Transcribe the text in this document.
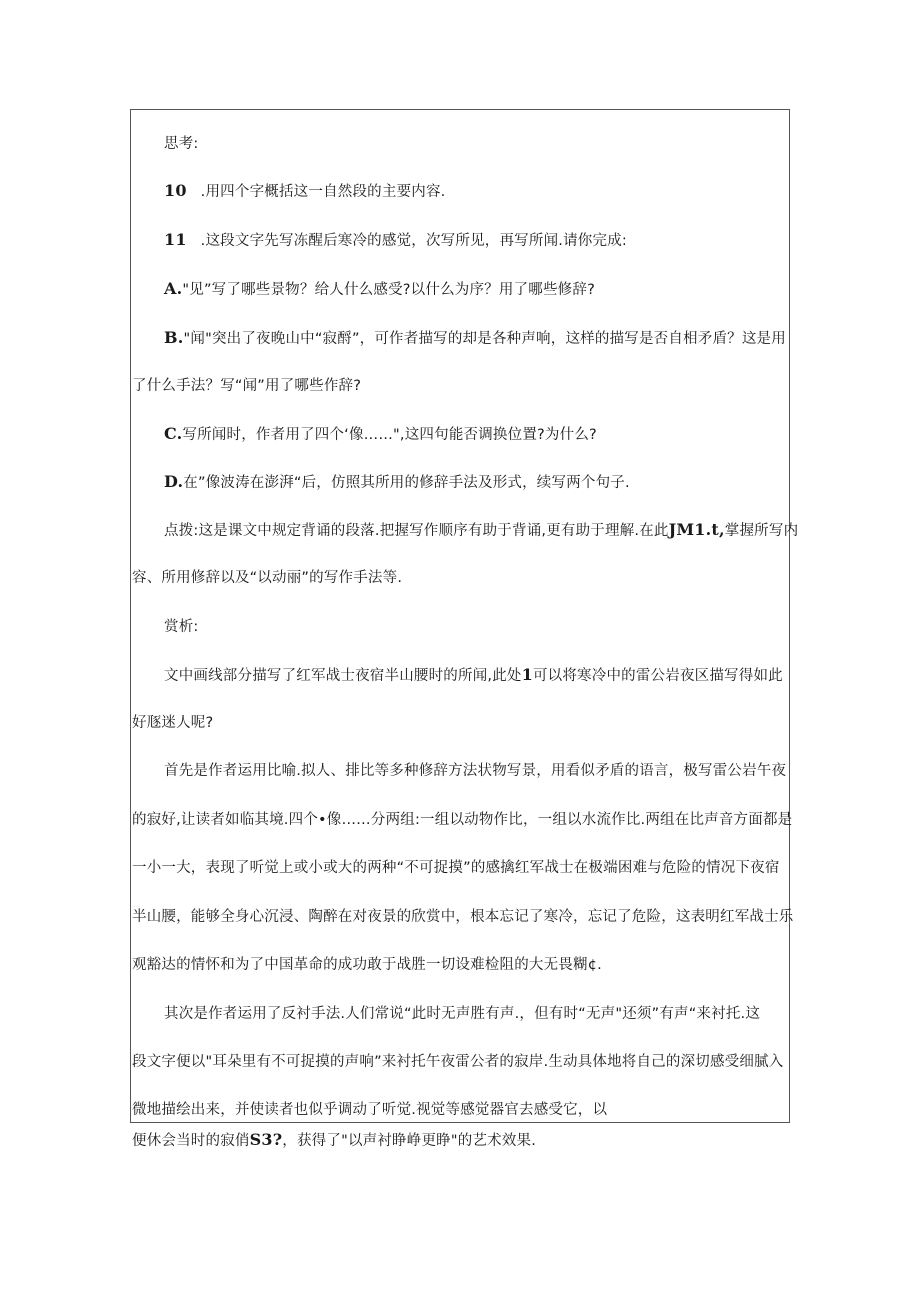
思考:
10 .用四个字概括这一自然段的主要内容.
11 .这段文字先写冻醒后寒冷的感觉，次写所见，再写所闻.请你完成:
A."见”写了哪些景物？给人什么感受?以什么为序？用了哪些修辞?
B."闻"突出了夜晚山中“寂酹”，可作者描写的却是各种声响，这样的描写是否自相矛盾？这是用
了什么手法？写“闻”用了哪些作辞?
C.写所闻时，作者用了四个‘像……",这四句能否调换位置?为什么?
D.在”像波涛在澎湃“后，仿照其所用的修辞手法及形式，续写两个句子.
点拨:这是课文中规定背诵的段落.把握写作顺序有助于背诵,更有助于理解.在此JM1.t,掌握所写内
容、所用修辞以及“以动丽”的写作手法等.
赏析:
文中画线部分描写了红军战士夜宿半山腰时的所闻,此处1可以将寒冷中的雷公岩夜区描写得如此
好豗迷人呢?
首先是作者运用比喻.拟人、排比等多种修辞方法状物写景，用看似矛盾的语言，极写雷公岩午夜
的寂好,让读者如临其境.四个•像……分两组:一组以动物作比，一组以水流作比.两组在比声音方面都是
一小一大，表现了听觉上或小或大的两种“不可捉摸”的感擒红军战士在极端困难与危险的情况下夜宿
半山腰，能够全身心沉浸、陶醉在对夜景的欣赏中，根本忘记了寒冷，忘记了危险，这表明红军战士乐
观豁达的情怀和为了中国革命的成功敢于战胜一切设难检阻的大无畏糊¢.
其次是作者运用了反衬手法.人们常说“此时无声胜有声.，但有时“无声"还须”有声“来衬托.这
段文字便以"耳朵里有不可捉摸的声响”来衬托午夜雷公者的寂岸.生动具体地将自己的深切感受细腻入
微地描绘出来，并使读者也似乎调动了听觉.视觉等感觉器官去感受它，以
便休会当时的寂俏S3?，获得了"以声衬睁峥更睁"的艺术效果.
